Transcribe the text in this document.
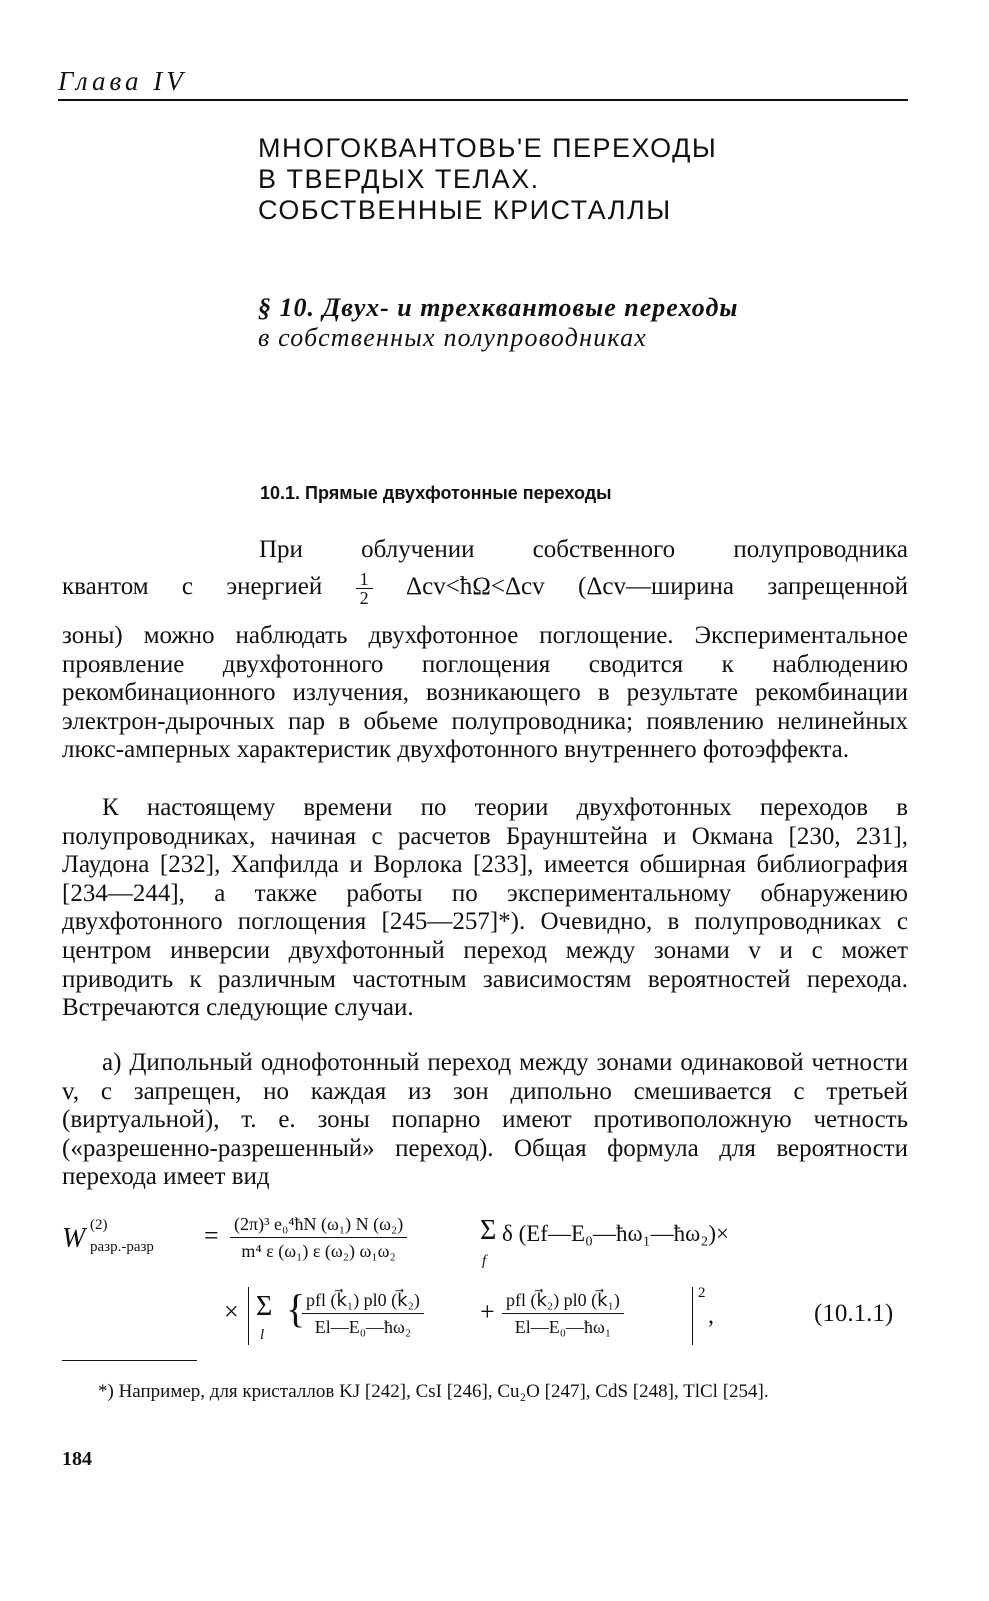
Глава IV
МНОГОКВАНТОВЬ'Е ПЕРЕХОДЫ
В ТВЕРДЫХ ТЕЛАХ.
СОБСТВЕННЫЕ КРИСТАЛЛЫ
§ 10. Двух- и трехквантовые переходы
в собственных полупроводниках
10.1. Прямые двухфотонные переходы
При облучении собственного полупроводника
квантом с энергией $\frac{1}{2}$ Δcv<ħΩ<Δcv (Δcv—ширина запрещенной
зоны) можно наблюдать двухфотонное поглощение. Экспериментальное проявление двухфотонного поглощения сводится к наблюдению рекомбинационного излучения, возникающего в результате рекомбинации электрон-дырочных пар в обьеме полупроводника; появлению нелинейных люкс-амперных характеристик двухфотонного внутреннего фотоэффекта.
К настоящему времени по теории двухфотонных переходов в полупроводниках, начиная с расчетов Браунштейна и Окмана [230, 231], Лаудона [232], Хапфилда и Ворлока [233], имеется обширная библиография [234—244], а также работы по экспериментальному обнаружению двухфотонного поглощения [245—257]*). Очевидно, в полупроводниках с центром инверсии двухфотонный переход между зонами v и c может приводить к различным частотным зависимостям вероятностей перехода. Встречаются следующие случаи.
а) Дипольный однофотонный переход между зонами одинаковой четности v, c запрещен, но каждая из зон дипольно смешивается с третьей (виртуальной), т. е. зоны попарно имеют противоположную четность («разрешенно-разрешенный» переход). Общая формула для вероятности перехода имеет вид
W (2)
разр.-разр = $\frac{\text{(2π)³ e₀⁴ħN (ω₁) N (ω₂)}}{\text{m⁴ ε (ω₁) ε (ω₂) ω₁ω₂}}$	Σ
f
δ (Ef—E₀—ħω₁—ħω₂)×
× Σ
l
{ pfl (k⃗₁) pl0 (k⃗₂)
El—E₀—ħω₂
+ pfl (k⃗₂) pl0 (k⃗₁)
El—E₀—ħω₁
2
,	(10.1.1)
*) Например, для кристаллов KJ [242], CsI [246], Cu₂O [247], CdS [248], TlCl [254].
184
